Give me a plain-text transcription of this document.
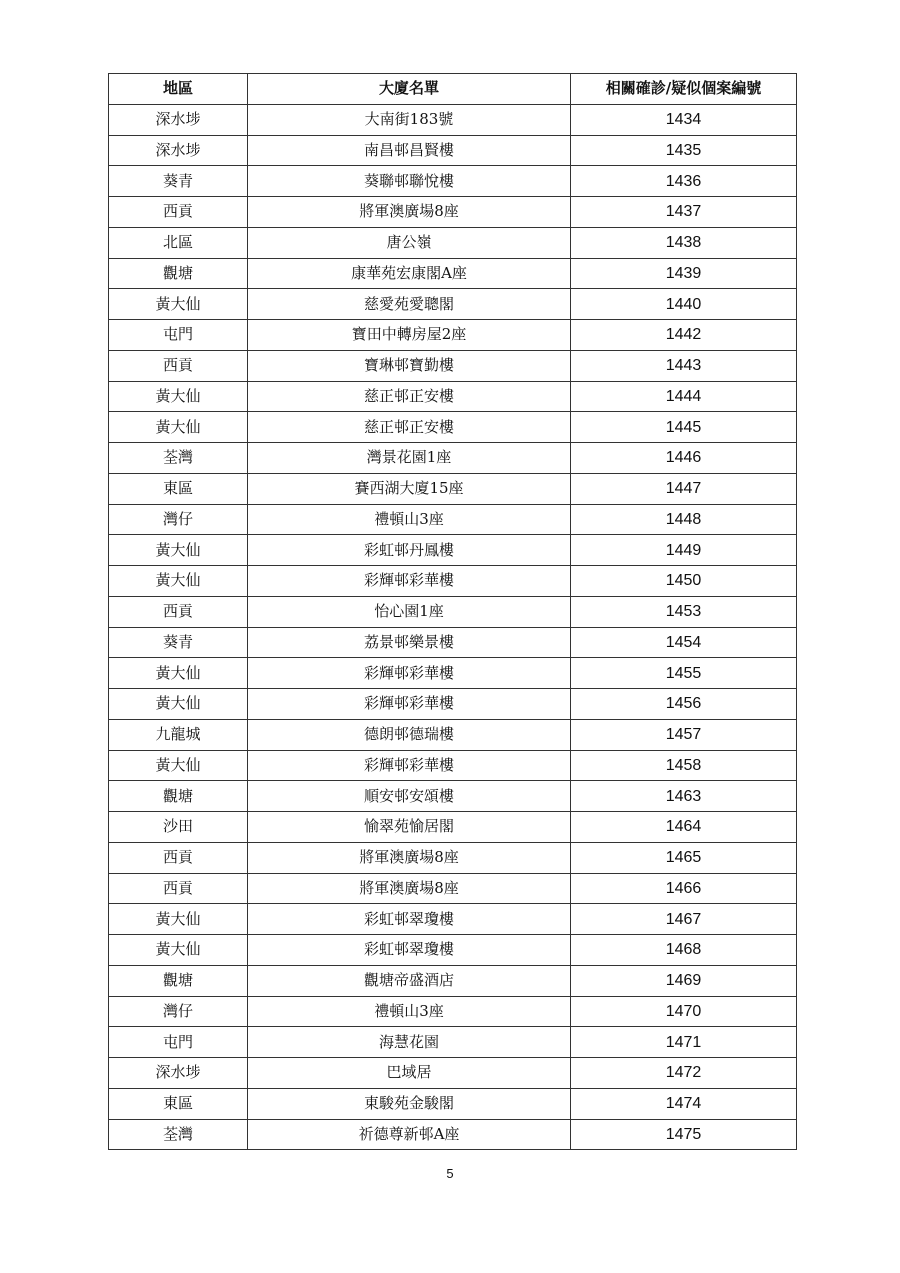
地區	大廈名單	相關確診/疑似個案編號
深水埗	大南街183號	1434
深水埗	南昌邨昌賢樓	1435
葵青	葵聯邨聯悅樓	1436
西貢	將軍澳廣場8座	1437
北區	唐公嶺	1438
觀塘	康華苑宏康閣A座	1439
黃大仙	慈愛苑愛聰閣	1440
屯門	寶田中轉房屋2座	1442
西貢	寶琳邨寶勤樓	1443
黃大仙	慈正邨正安樓	1444
黃大仙	慈正邨正安樓	1445
荃灣	灣景花園1座	1446
東區	賽西湖大廈15座	1447
灣仔	禮頓山3座	1448
黃大仙	彩虹邨丹鳳樓	1449
黃大仙	彩輝邨彩華樓	1450
西貢	怡心園1座	1453
葵青	荔景邨樂景樓	1454
黃大仙	彩輝邨彩華樓	1455
黃大仙	彩輝邨彩華樓	1456
九龍城	德朗邨德瑞樓	1457
黃大仙	彩輝邨彩華樓	1458
觀塘	順安邨安頌樓	1463
沙田	愉翠苑愉居閣	1464
西貢	將軍澳廣場8座	1465
西貢	將軍澳廣場8座	1466
黃大仙	彩虹邨翠瓊樓	1467
黃大仙	彩虹邨翠瓊樓	1468
觀塘	觀塘帝盛酒店	1469
灣仔	禮頓山3座	1470
屯門	海慧花園	1471
深水埗	巴域居	1472
東區	東駿苑金駿閣	1474
荃灣	祈德尊新邨A座	1475
5
